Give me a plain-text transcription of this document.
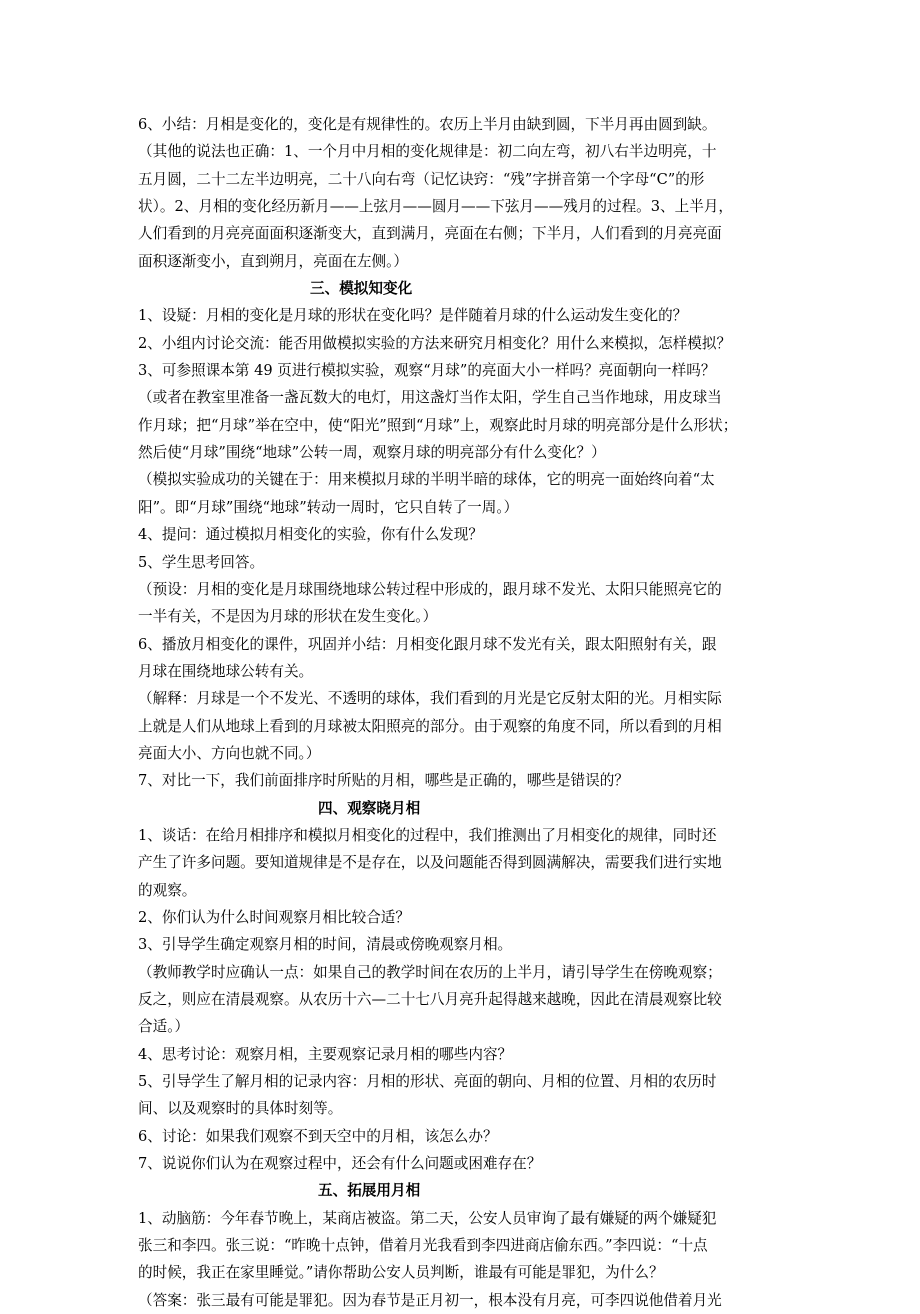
6、小结：月相是变化的，变化是有规律性的。农历上半月由缺到圆，下半月再由圆到缺。
（其他的说法也正确：1、一个月中月相的变化规律是：初二向左弯，初八右半边明亮，十
五月圆，二十二左半边明亮，二十八向右弯（记忆诀窍：“残”字拼音第一个字母“C”的形
状）。2、月相的变化经历新月——上弦月——圆月——下弦月——残月的过程。3、上半月，
人们看到的月亮亮面面积逐渐变大，直到满月，亮面在右侧；下半月，人们看到的月亮亮面
面积逐渐变小，直到朔月，亮面在左侧。）
三、模拟知变化
1、设疑：月相的变化是月球的形状在变化吗？是伴随着月球的什么运动发生变化的？
2、小组内讨论交流：能否用做模拟实验的方法来研究月相变化？用什么来模拟，怎样模拟？
3、可参照课本第 49 页进行模拟实验，观察“月球”的亮面大小一样吗？亮面朝向一样吗？
（或者在教室里准备一盏瓦数大的电灯，用这盏灯当作太阳，学生自己当作地球，用皮球当
作月球；把“月球”举在空中，使“阳光”照到“月球”上，观察此时月球的明亮部分是什么形状；
然后使“月球”围绕“地球”公转一周，观察月球的明亮部分有什么变化？）
（模拟实验成功的关键在于：用来模拟月球的半明半暗的球体，它的明亮一面始终向着“太
阳”。即“月球”围绕“地球”转动一周时，它只自转了一周。）
4、提问：通过模拟月相变化的实验，你有什么发现？
5、学生思考回答。
（预设：月相的变化是月球围绕地球公转过程中形成的，跟月球不发光、太阳只能照亮它的
一半有关，不是因为月球的形状在发生变化。）
6、播放月相变化的课件，巩固并小结：月相变化跟月球不发光有关，跟太阳照射有关，跟
月球在围绕地球公转有关。
（解释：月球是一个不发光、不透明的球体，我们看到的月光是它反射太阳的光。月相实际
上就是人们从地球上看到的月球被太阳照亮的部分。由于观察的角度不同，所以看到的月相
亮面大小、方向也就不同。）
7、对比一下，我们前面排序时所贴的月相，哪些是正确的，哪些是错误的？
四、观察晓月相
1、谈话：在给月相排序和模拟月相变化的过程中，我们推测出了月相变化的规律，同时还
产生了许多问题。要知道规律是不是存在，以及问题能否得到圆满解决，需要我们进行实地
的观察。
2、你们认为什么时间观察月相比较合适？
3、引导学生确定观察月相的时间，清晨或傍晚观察月相。
（教师教学时应确认一点：如果自己的教学时间在农历的上半月，请引导学生在傍晚观察；
反之，则应在清晨观察。从农历十六—二十七八月亮升起得越来越晚，因此在清晨观察比较
合适。）
4、思考讨论：观察月相，主要观察记录月相的哪些内容？
5、引导学生了解月相的记录内容：月相的形状、亮面的朝向、月相的位置、月相的农历时
间、以及观察时的具体时刻等。
6、讨论：如果我们观察不到天空中的月相，该怎么办？
7、说说你们认为在观察过程中，还会有什么问题或困难存在？
五、拓展用月相
1、动脑筋：今年春节晚上，某商店被盗。第二天，公安人员审询了最有嫌疑的两个嫌疑犯
张三和李四。张三说：“昨晚十点钟，借着月光我看到李四进商店偷东西。”李四说：“十点
的时候，我正在家里睡觉。”请你帮助公安人员判断，谁最有可能是罪犯，为什么？
（答案：张三最有可能是罪犯。因为春节是正月初一，根本没有月亮，可李四说他借着月光
